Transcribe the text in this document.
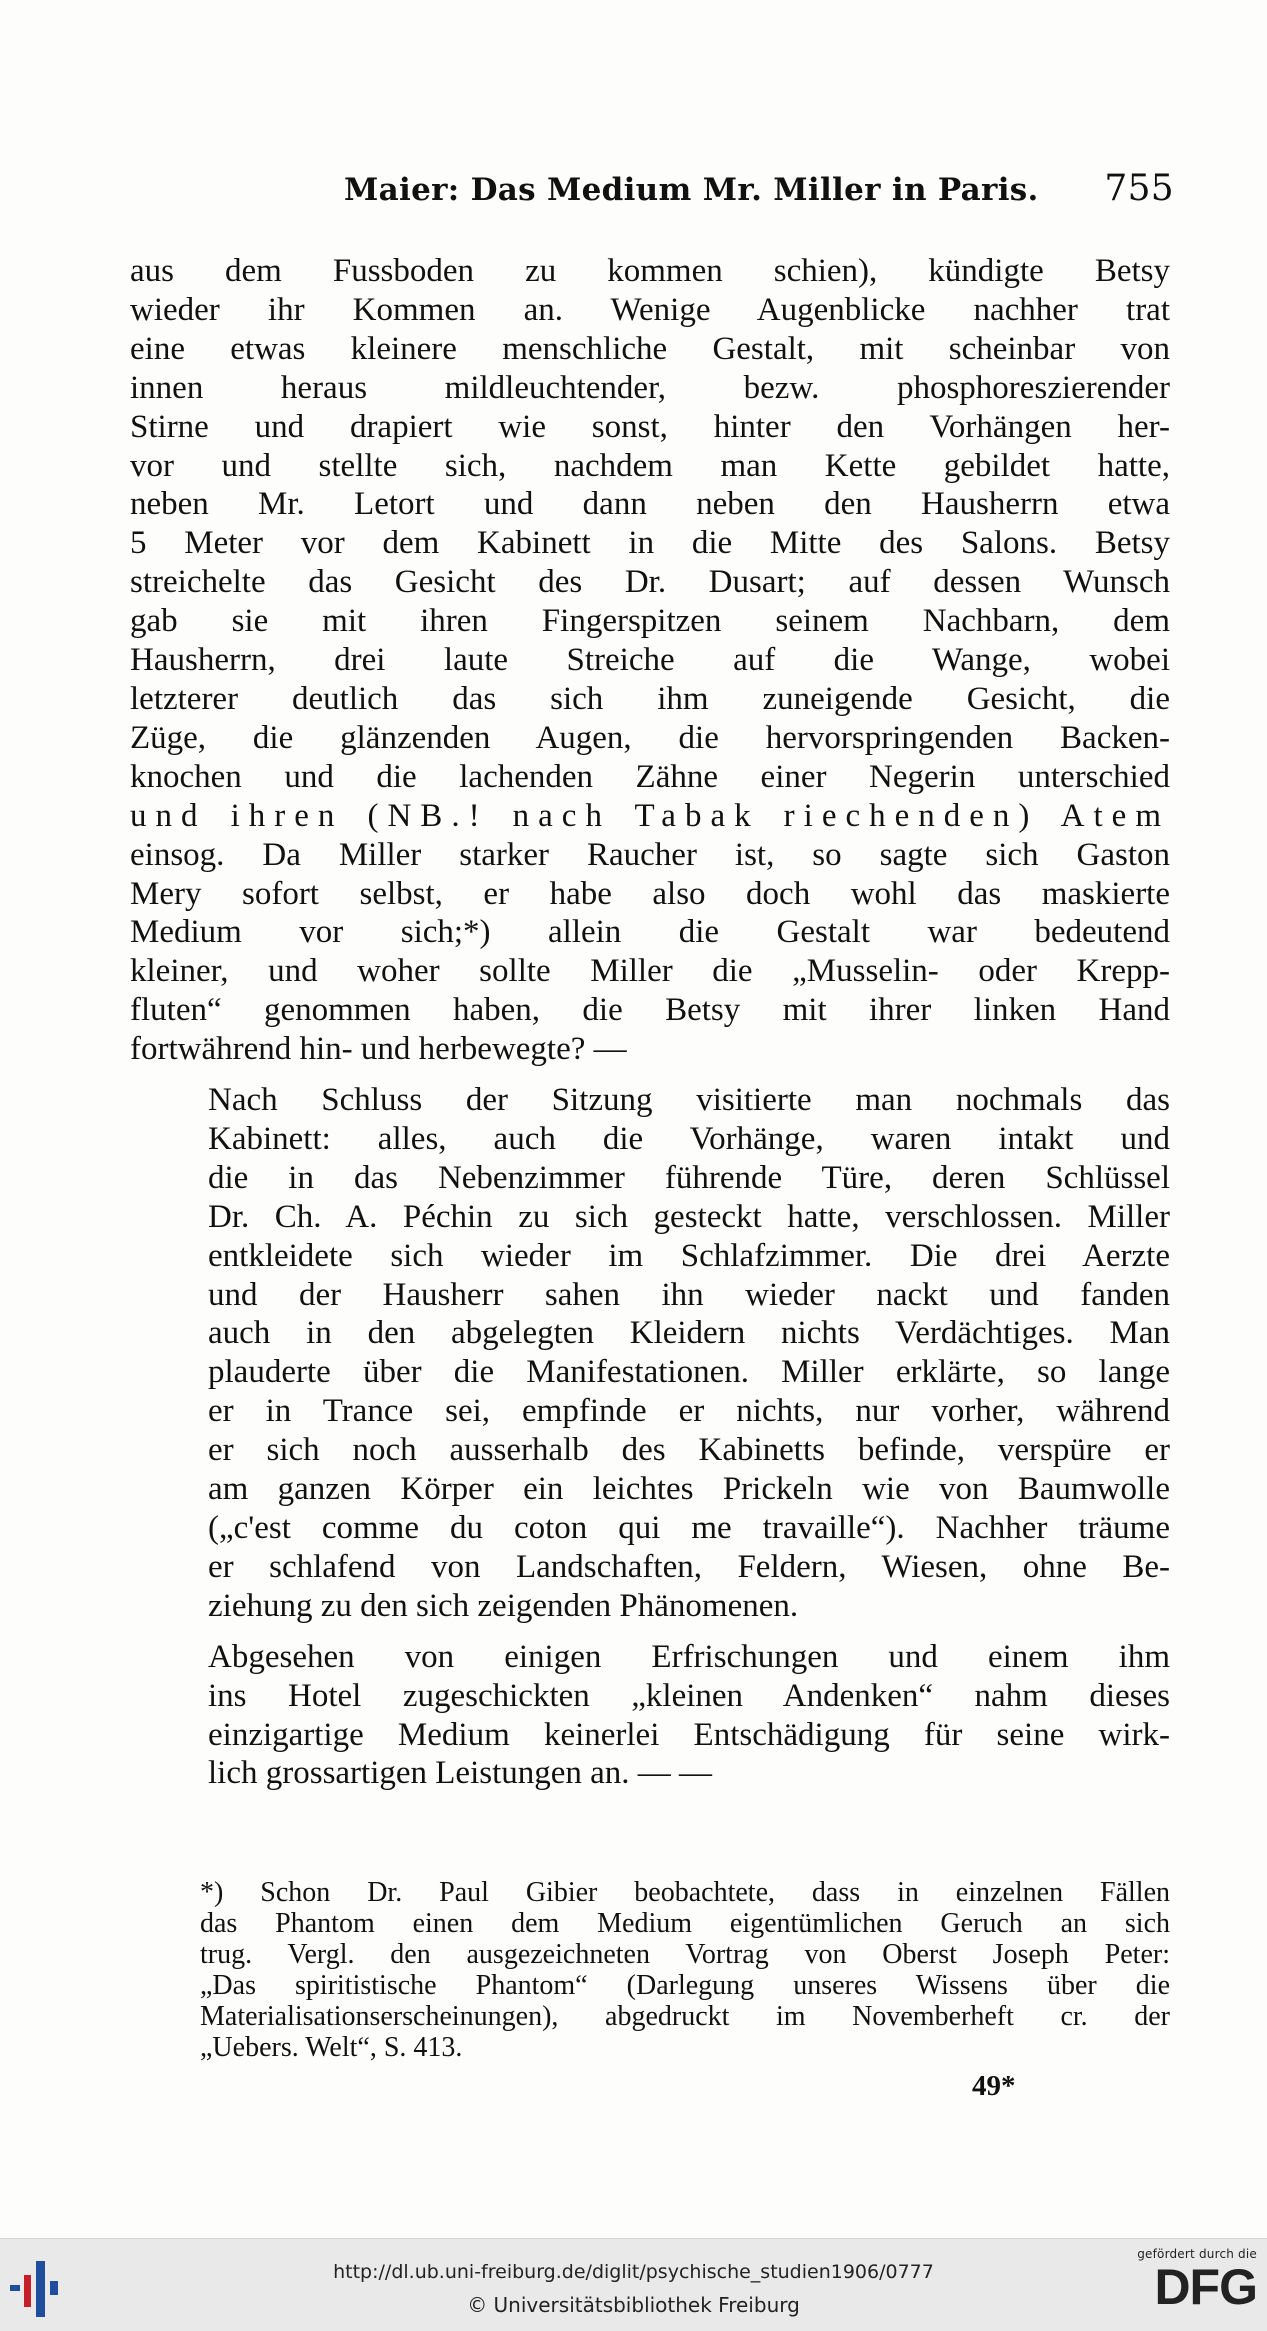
Maier: Das Medium Mr. Miller in Paris. 755

aus dem Fussboden zu kommen schien), kündigte Betsy
wieder ihr Kommen an. Wenige Augenblicke nachher trat
eine etwas kleinere menschliche Gestalt, mit scheinbar von
innen heraus mildleuchtender, bezw. phosphoreszierender
Stirne und drapiert wie sonst, hinter den Vorhängen her-
vor und stellte sich, nachdem man Kette gebildet hatte,
neben Mr. Letort und dann neben den Hausherrn etwa
5 Meter vor dem Kabinett in die Mitte des Salons. Betsy
streichelte das Gesicht des Dr. Dusart; auf dessen Wunsch
gab sie mit ihren Fingerspitzen seinem Nachbarn, dem
Hausherrn, drei laute Streiche auf die Wange, wobei
letzterer deutlich das sich ihm zuneigende Gesicht, die
Züge, die glänzenden Augen, die hervorspringenden Backen-
knochen und die lachenden Zähne einer Negerin unterschied
und ihren (NB.! nach Tabak riechenden) Atem
einsog. Da Miller starker Raucher ist, so sagte sich Gaston
Mery sofort selbst, er habe also doch wohl das maskierte
Medium vor sich;*) allein die Gestalt war bedeutend
kleiner, und woher sollte Miller die „Musselin- oder Krepp-
fluten“ genommen haben, die Betsy mit ihrer linken Hand
fortwährend hin- und herbewegte? —

Nach Schluss der Sitzung visitierte man nochmals das
Kabinett: alles, auch die Vorhänge, waren intakt und
die in das Nebenzimmer führende Türe, deren Schlüssel
Dr. Ch. A. Péchin zu sich gesteckt hatte, verschlossen. Miller
entkleidete sich wieder im Schlafzimmer. Die drei Aerzte
und der Hausherr sahen ihn wieder nackt und fanden
auch in den abgelegten Kleidern nichts Verdächtiges. Man
plauderte über die Manifestationen. Miller erklärte, so lange
er in Trance sei, empfinde er nichts, nur vorher, während
er sich noch ausserhalb des Kabinetts befinde, verspüre er
am ganzen Körper ein leichtes Prickeln wie von Baumwolle
(„c'est comme du coton qui me travaille“). Nachher träume
er schlafend von Landschaften, Feldern, Wiesen, ohne Be-
ziehung zu den sich zeigenden Phänomenen.

Abgesehen von einigen Erfrischungen und einem ihm
ins Hotel zugeschickten „kleinen Andenken“ nahm dieses
einzigartige Medium keinerlei Entschädigung für seine wirk-
lich grossartigen Leistungen an. — —

*) Schon Dr. Paul Gibier beobachtete, dass in einzelnen Fällen
das Phantom einen dem Medium eigentümlichen Geruch an sich
trug. Vergl. den ausgezeichneten Vortrag von Oberst Joseph Peter:
„Das spiritistische Phantom“ (Darlegung unseres Wissens über die
Materialisationserscheinungen), abgedruckt im Novemberheft cr. der
„Uebers. Welt“, S. 413.

49*
http://dl.ub.uni-freiburg.de/diglit/psychische_studien1906/0777
© Universitätsbibliothek Freiburg
gefördert durch die
DFG
